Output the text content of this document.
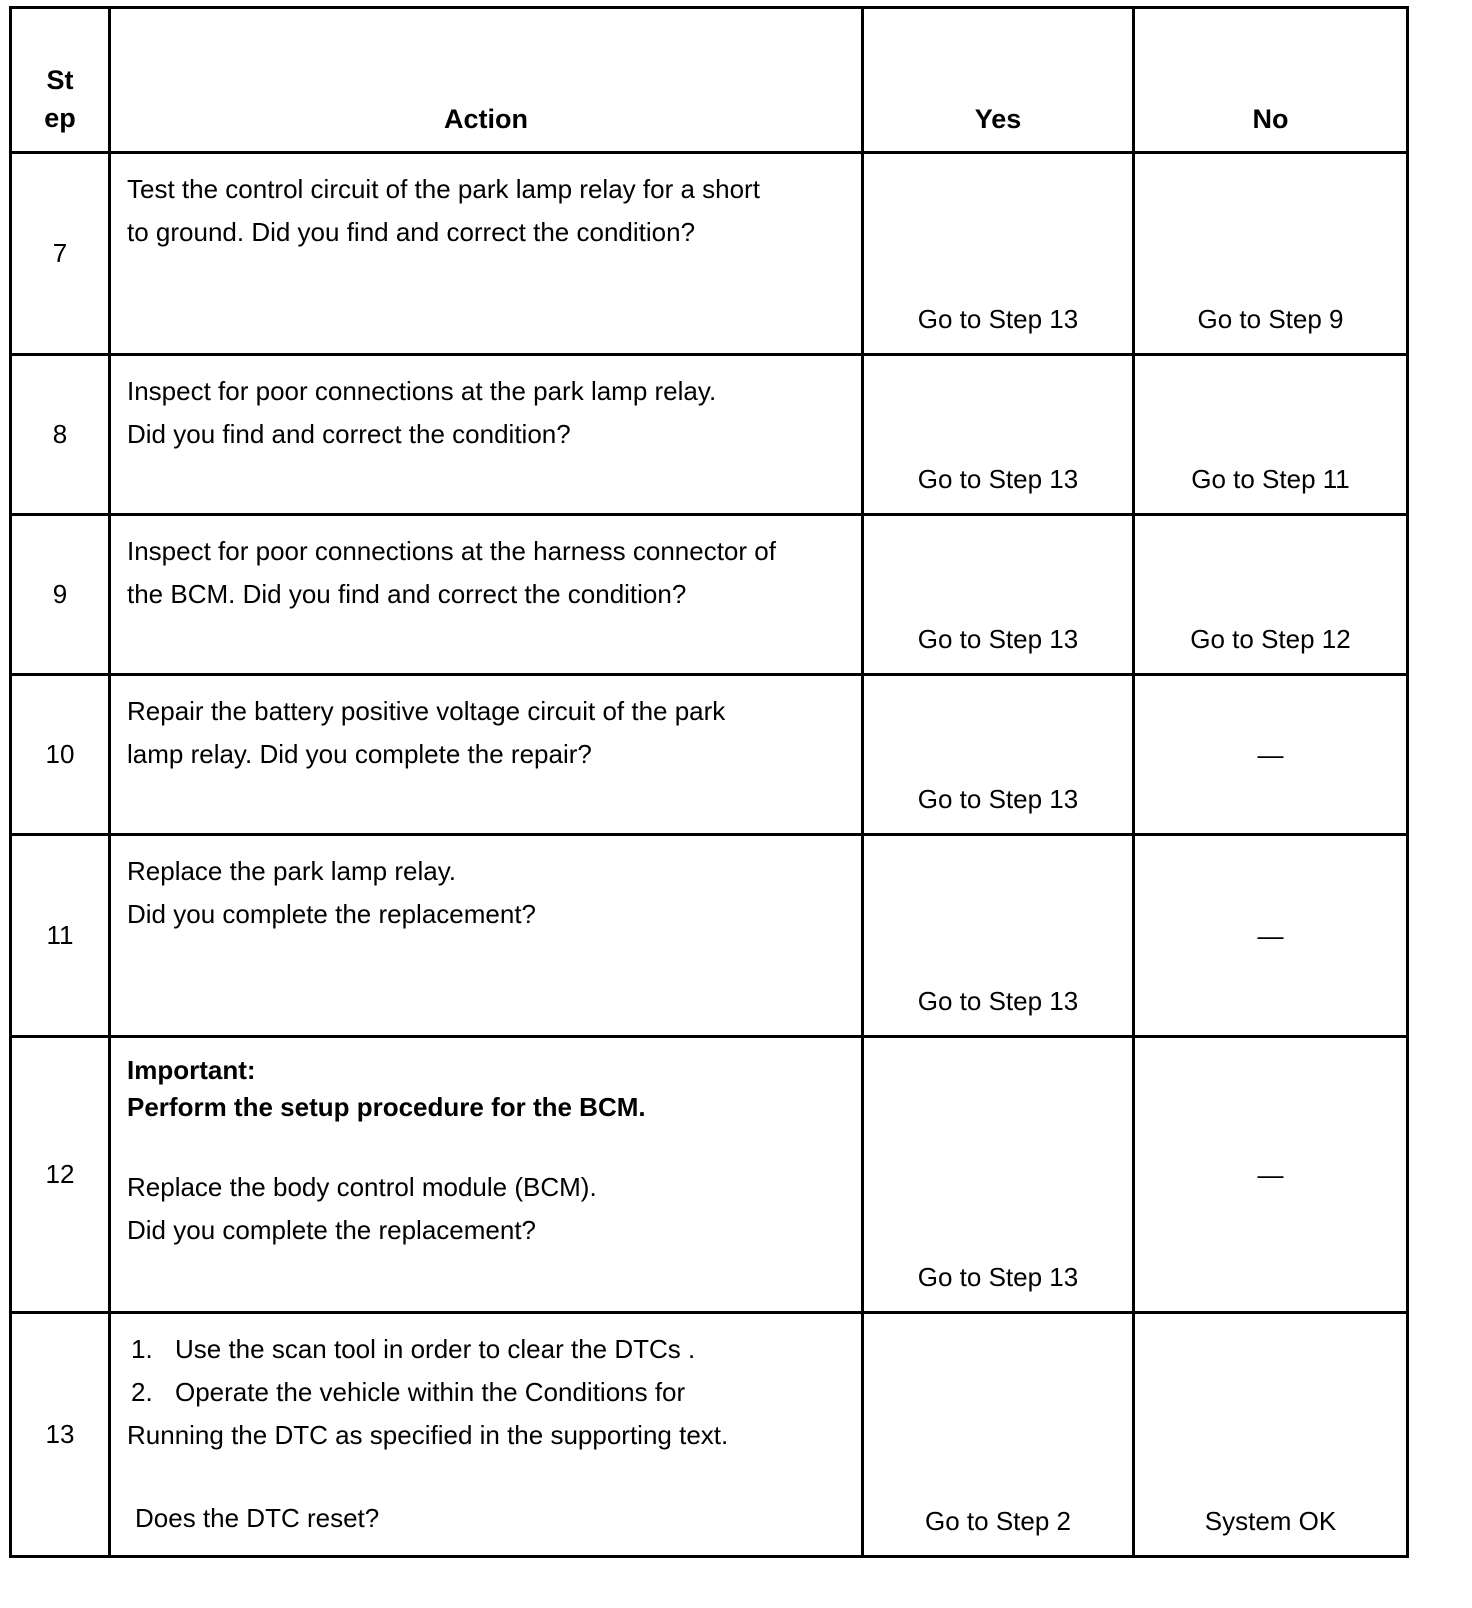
St
ep	Action	Yes	No
7	Test the control circuit of the park lamp relay for a short
to ground. Did you find and correct the condition?	Go to Step 13	Go to Step 9

8	Inspect for poor connections at the park lamp relay.
Did you find and correct the condition?	Go to Step 13	Go to Step 11

9	Inspect for poor connections at the harness connector of
the BCM. Did you find and correct the condition?	Go to Step 13	Go to Step 12

10	Repair the battery positive voltage circuit of the park
lamp relay. Did you complete the repair?	Go to Step 13	—

11	Replace the park lamp relay.
Did you complete the replacement?	Go to Step 13	—

12	Important:
Perform the setup procedure for the BCM.
Replace the body control module (BCM).
Did you complete the replacement?	Go to Step 13	—

13	1. Use the scan tool in order to clear the DTCs .
2. Operate the vehicle within the Conditions for
Running the DTC as specified in the supporting text.
Does the DTC reset?	Go to Step 2	System OK
